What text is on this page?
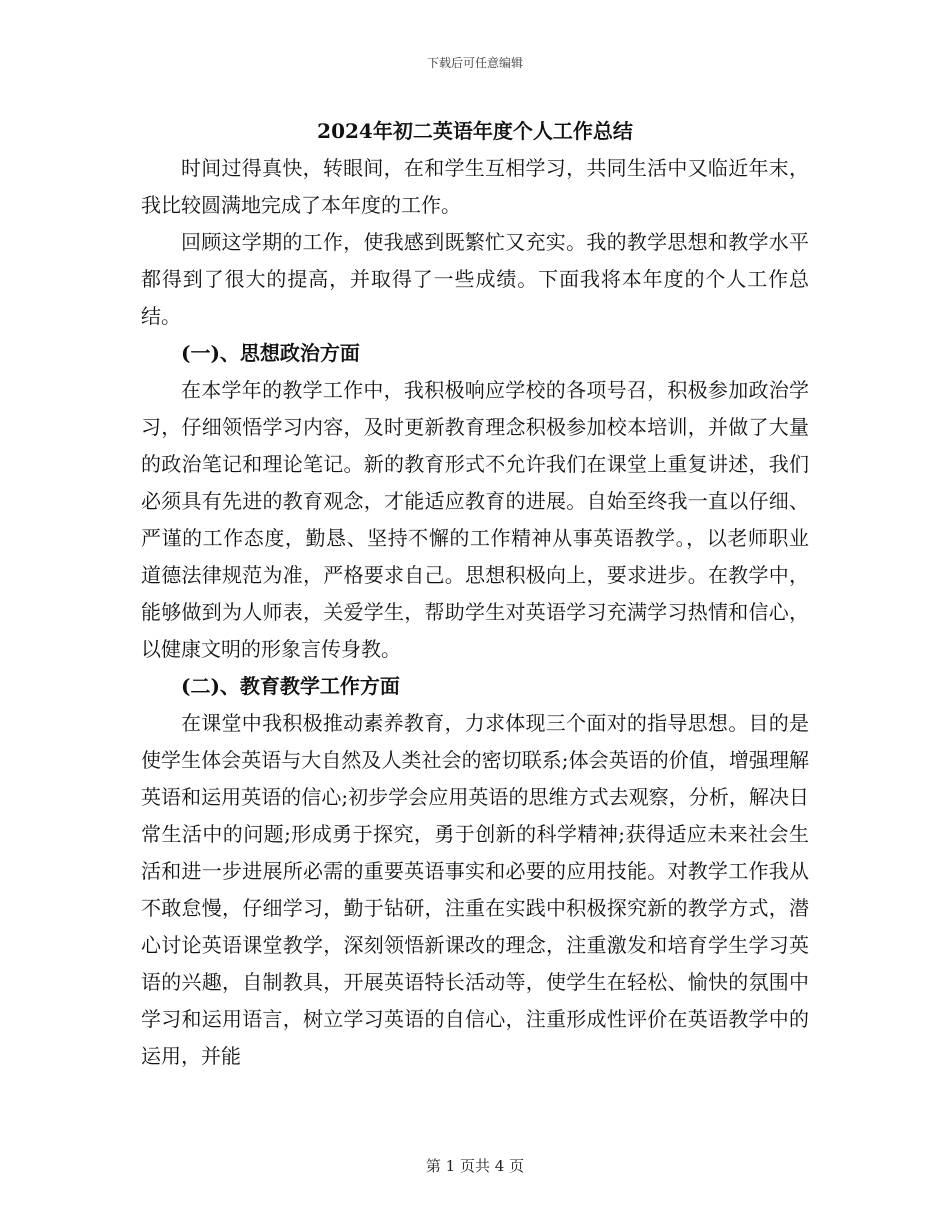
下载后可任意编辑
2024年初二英语年度个人工作总结

时间过得真快，转眼间，在和学生互相学习，共同生活中又临近年末，我比较圆满地完成了本年度的工作。

回顾这学期的工作，使我感到既繁忙又充实。我的教学思想和教学水平都得到了很大的提高，并取得了一些成绩。下面我将本年度的个人工作总结。

(一)、思想政治方面

在本学年的教学工作中，我积极响应学校的各项号召，积极参加政治学习，仔细领悟学习内容，及时更新教育理念积极参加校本培训，并做了大量的政治笔记和理论笔记。新的教育形式不允许我们在课堂上重复讲述，我们必须具有先进的教育观念，才能适应教育的进展。自始至终我一直以仔细、严谨的工作态度，勤恳、坚持不懈的工作精神从事英语教学。，以老师职业道德法律规范为准，严格要求自己。思想积极向上，要求进步。在教学中，能够做到为人师表，关爱学生，帮助学生对英语学习充满学习热情和信心，以健康文明的形象言传身教。

(二)、教育教学工作方面

在课堂中我积极推动素养教育，力求体现三个面对的指导思想。目的是使学生体会英语与大自然及人类社会的密切联系;体会英语的价值，增强理解英语和运用英语的信心;初步学会应用英语的思维方式去观察，分析，解决日常生活中的问题;形成勇于探究，勇于创新的科学精神;获得适应未来社会生活和进一步进展所必需的重要英语事实和必要的应用技能。对教学工作我从不敢怠慢，仔细学习，勤于钻研，注重在实践中积极探究新的教学方式，潜心讨论英语课堂教学，深刻领悟新课改的理念，注重激发和培育学生学习英语的兴趣，自制教具，开展英语特长活动等，使学生在轻松、愉快的氛围中学习和运用语言，树立学习英语的自信心，注重形成性评价在英语教学中的运用，并能

第 1 页共 4 页
